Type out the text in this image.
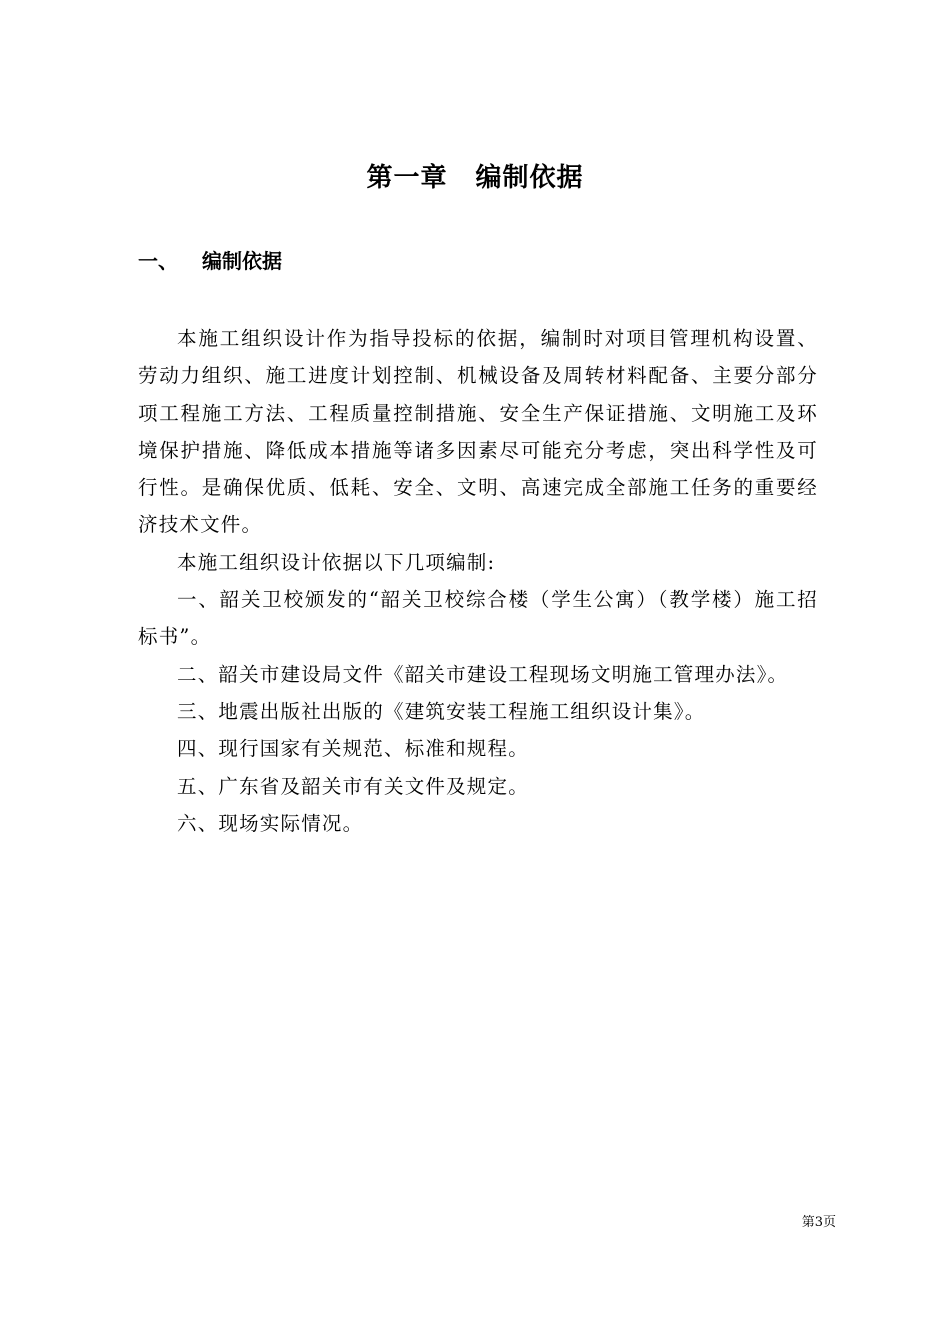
第一章 编制依据
一、 编制依据

本施工组织设计作为指导投标的依据，编制时对项目管理机构设置、劳动力组织、施工进度计划控制、机械设备及周转材料配备、主要分部分项工程施工方法、工程质量控制措施、安全生产保证措施、文明施工及环境保护措施、降低成本措施等诸多因素尽可能充分考虑，突出科学性及可行性。是确保优质、低耗、安全、文明、高速完成全部施工任务的重要经济技术文件。

本施工组织设计依据以下几项编制:

一、韶关卫校颁发的“韶关卫校综合楼（学生公寓）（教学楼）施工招标书”。

二、韶关市建设局文件《韶关市建设工程现场文明施工管理办法》。

三、地震出版社出版的《建筑安装工程施工组织设计集》。

四、现行国家有关规范、标准和规程。

五、广东省及韶关市有关文件及规定。

六、现场实际情况。

第3页
